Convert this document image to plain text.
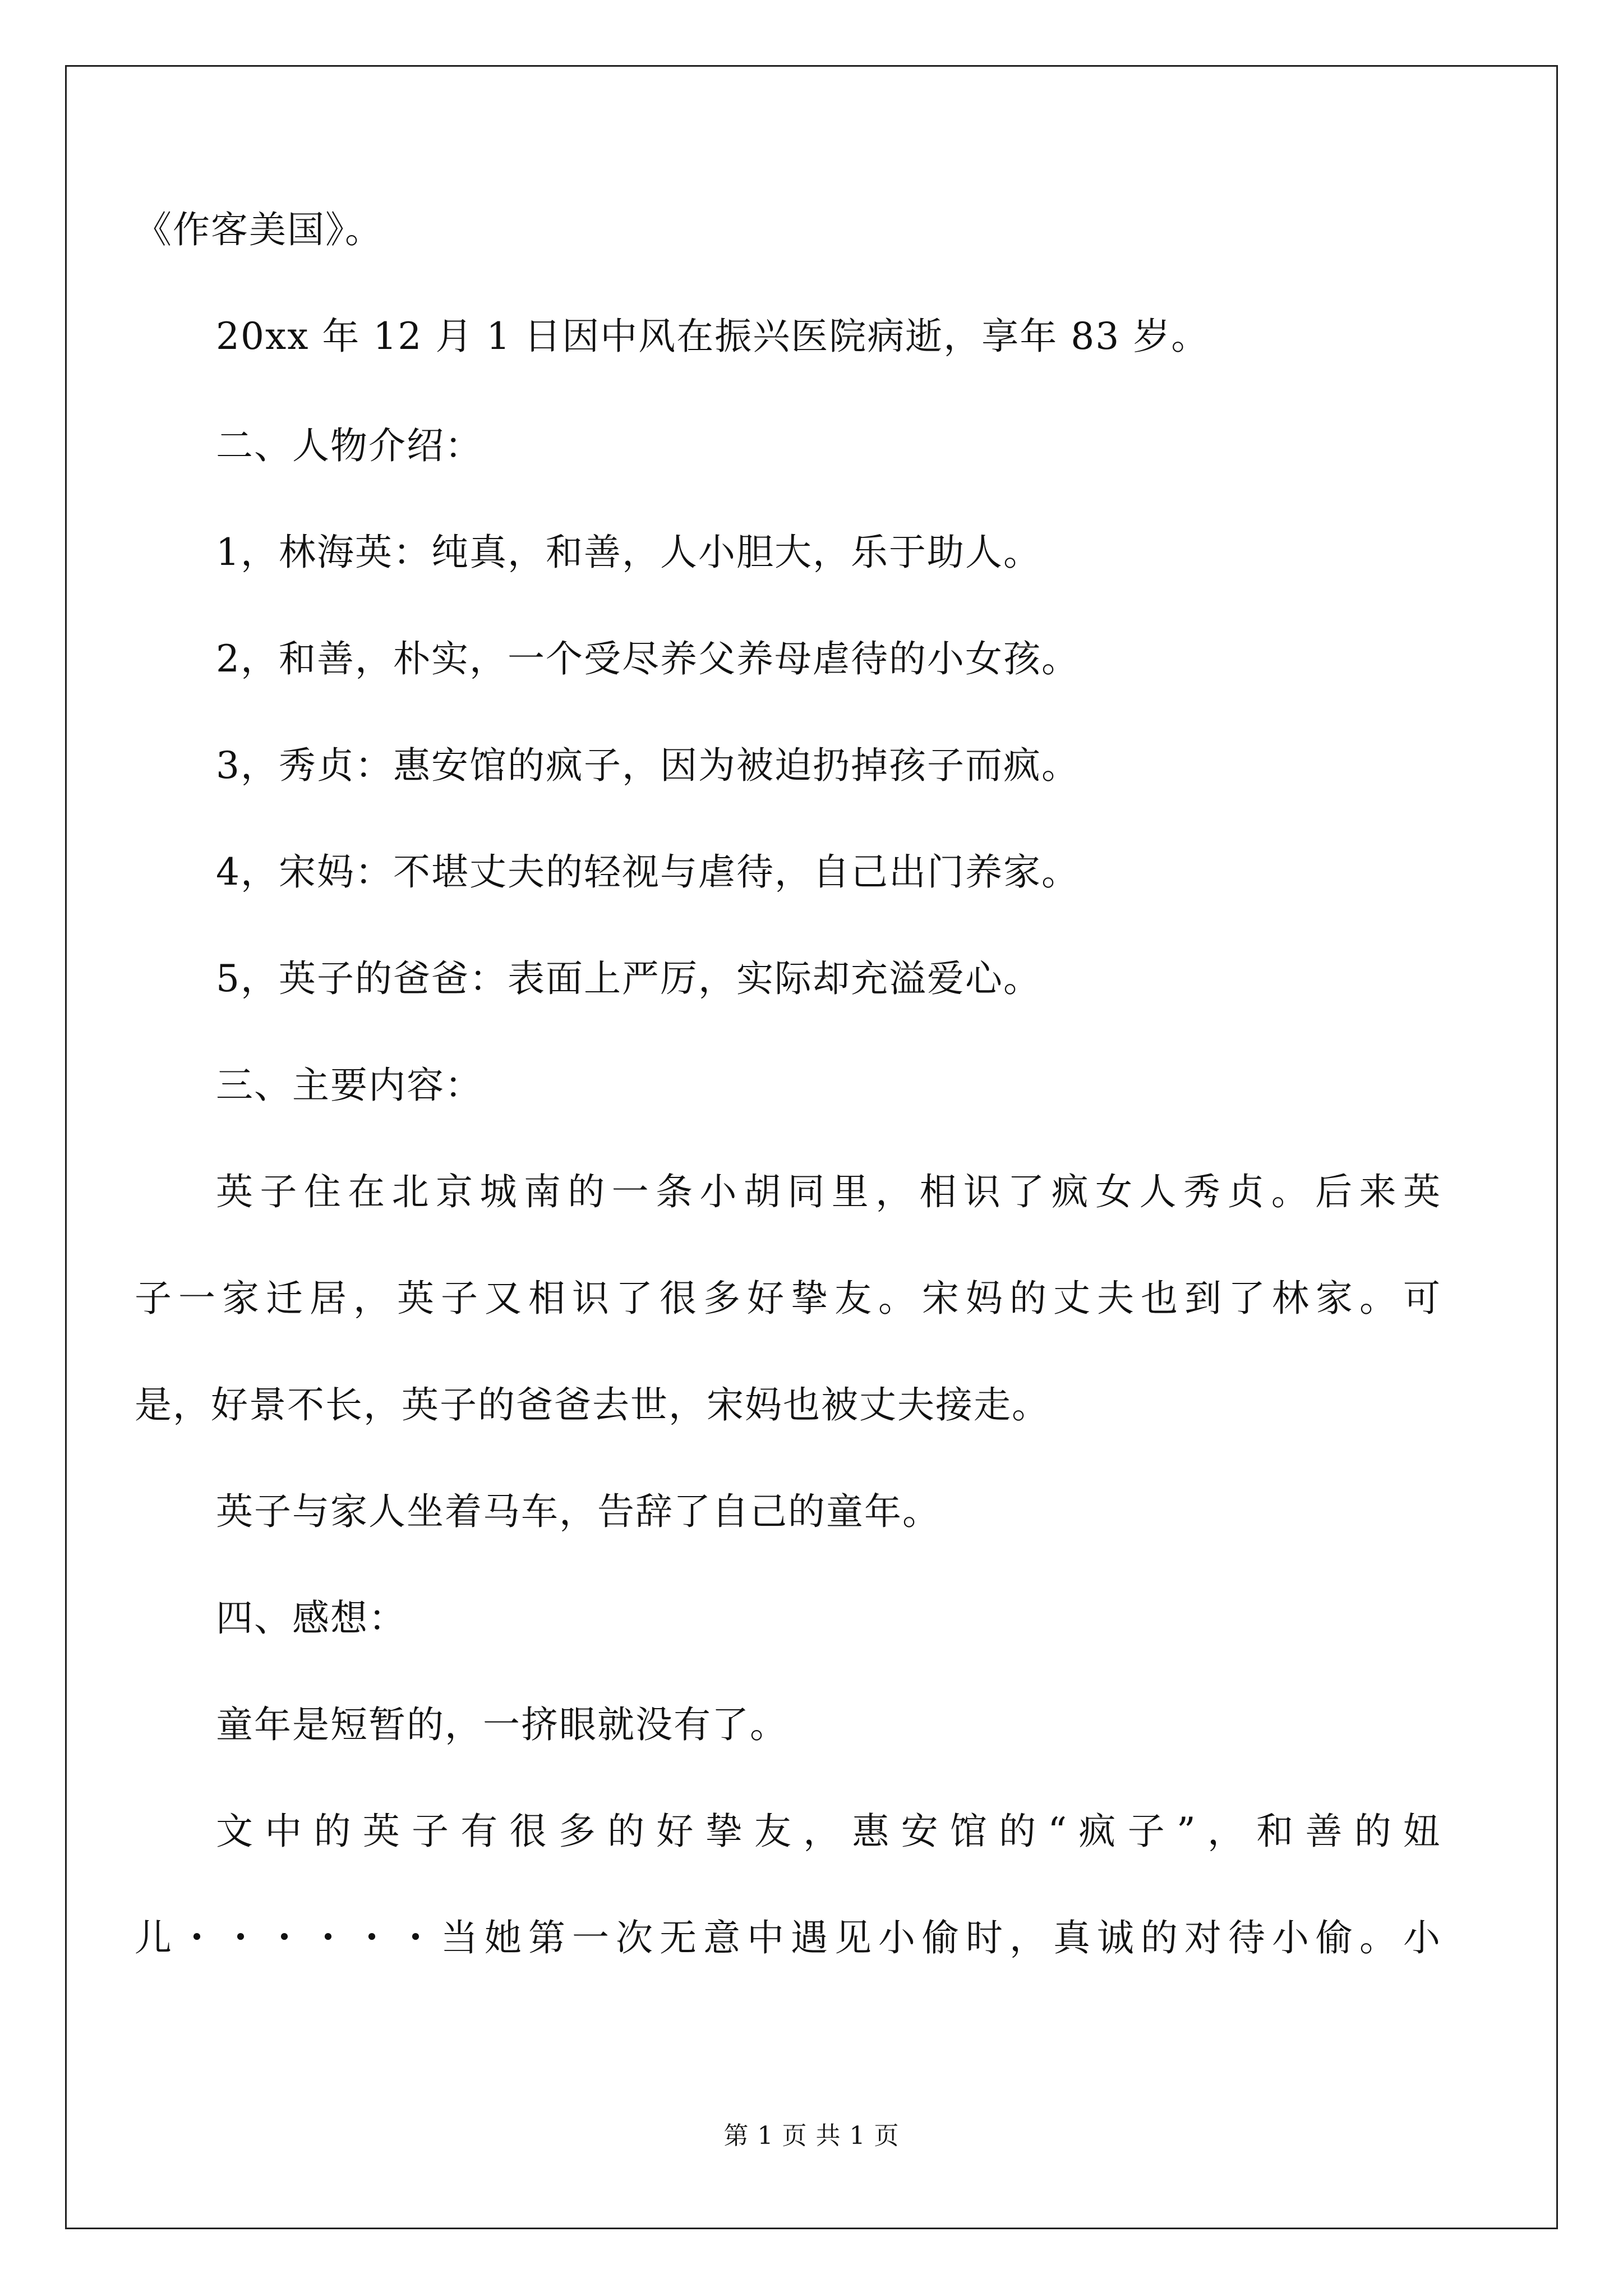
《作客美国》。
20xx 年 12 月 1 日因中风在振兴医院病逝，享年 83 岁。
二、人物介绍：
1，林海英：纯真，和善，人小胆大，乐于助人。
2，和善，朴实，一个受尽养父养母虐待的小女孩。
3，秀贞：惠安馆的疯子，因为被迫扔掉孩子而疯。
4，宋妈：不堪丈夫的轻视与虐待，自己出门养家。
5，英子的爸爸：表面上严厉，实际却充溢爱心。
三、主要内容：
英子住在北京城南的一条小胡同里，相识了疯女人秀贞。后来英
子一家迁居，英子又相识了很多好挚友。宋妈的丈夫也到了林家。可
是，好景不长，英子的爸爸去世，宋妈也被丈夫接走。
英子与家人坐着马车，告辞了自己的童年。
四、感想：
童年是短暂的，一挤眼就没有了。
文中的英子有很多的好挚友，惠安馆的“疯子”，和善的妞
儿・・・・・・当她第一次无意中遇见小偷时，真诚的对待小偷。小
第 1 页 共 1 页
